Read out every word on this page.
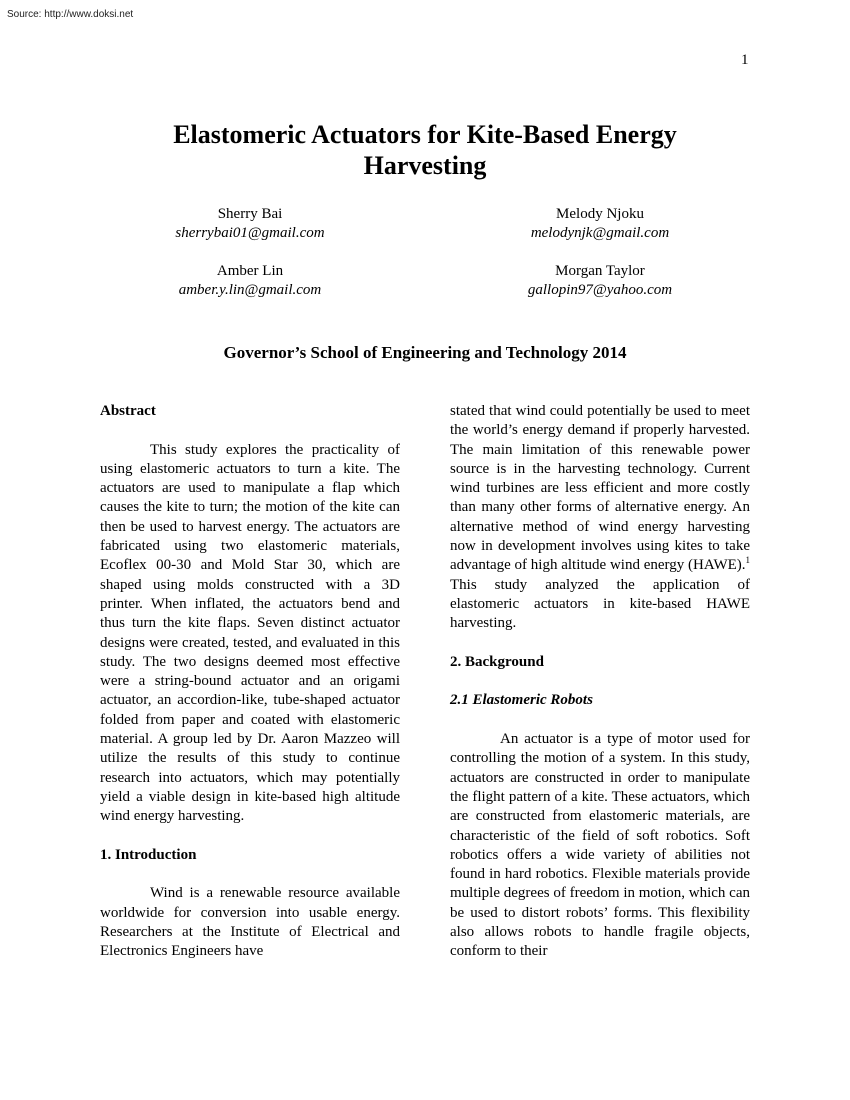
Source: http://www.doksi.net
1
Elastomeric Actuators for Kite-Based Energy
Harvesting
Sherry Bai
sherrybai01@gmail.com
Melody Njoku
melodynjk@gmail.com
Amber Lin
amber.y.lin@gmail.com
Morgan Taylor
gallopin97@yahoo.com
Governor’s School of Engineering and Technology 2014

Abstract

This study explores the practicality of using elastomeric actuators to turn a kite. The actuators are used to manipulate a flap which causes the kite to turn; the motion of the kite can then be used to harvest energy. The actuators are fabricated using two elastomeric materials, Ecoflex 00-30 and Mold Star 30, which are shaped using molds constructed with a 3D printer. When inflated, the actuators bend and thus turn the kite flaps. Seven distinct actuator designs were created, tested, and evaluated in this study. The two designs deemed most effective were a string-bound actuator and an origami actuator, an accordion-like, tube-shaped actuator folded from paper and coated with elastomeric material. A group led by Dr. Aaron Mazzeo will utilize the results of this study to continue research into actuators, which may potentially yield a viable design in kite-based high altitude wind energy harvesting.

1. Introduction

Wind is a renewable resource available worldwide for conversion into usable energy. Researchers at the Institute of Electrical and Electronics Engineers have

stated that wind could potentially be used to meet the world’s energy demand if properly harvested. The main limitation of this renewable power source is in the harvesting technology. Current wind turbines are less efficient and more costly than many other forms of alternative energy. An alternative method of wind energy harvesting now in development involves using kites to take advantage of high altitude wind energy (HAWE).$^1$ This study analyzed the application of elastomeric actuators in kite-based HAWE harvesting.

2. Background

2.1 Elastomeric Robots

An actuator is a type of motor used for controlling the motion of a system. In this study, actuators are constructed in order to manipulate the flight pattern of a kite. These actuators, which are constructed from elastomeric materials, are characteristic of the field of soft robotics. Soft robotics offers a wide variety of abilities not found in hard robotics. Flexible materials provide multiple degrees of freedom in motion, which can be used to distort robots’ forms. This flexibility also allows robots to handle fragile objects, conform to their
